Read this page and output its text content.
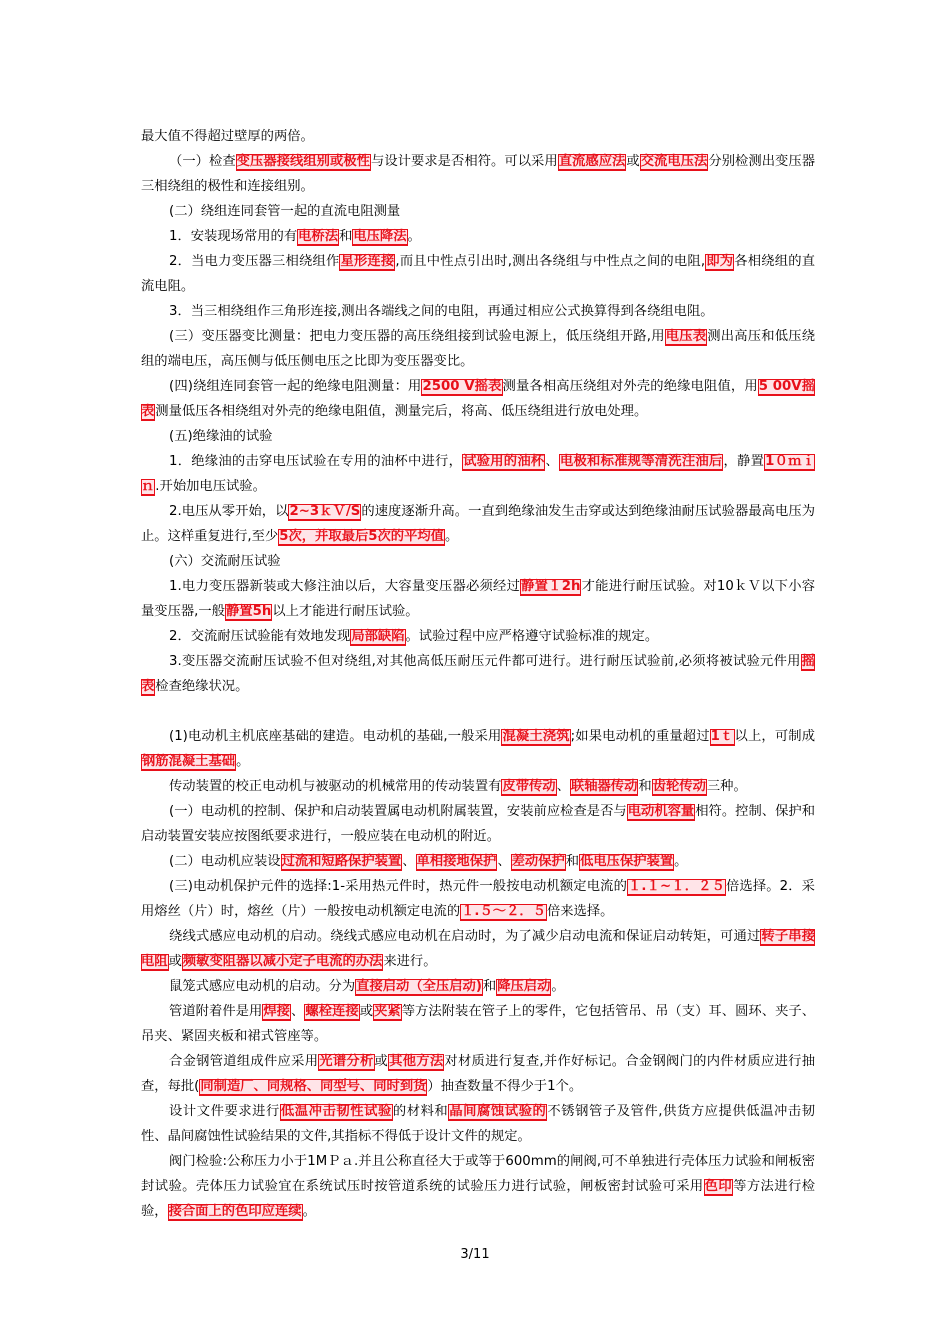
最大值不得超过壁厚的两倍。

（一）检查变压器接线组别或极性与设计要求是否相符。可以采用直流感应法或交流电压法分别检测出变压器三相绕组的极性和连接组别。

(二）绕组连同套管一起的直流电阻测量

1．安装现场常用的有电桥法和电压降法。

2．当电力变压器三相绕组作星形连接,而且中性点引出时,测出各绕组与中性点之间的电阻,即为各相绕组的直流电阻。

3．当三相绕组作三角形连接,测出各端线之间的电阻，再通过相应公式换算得到各绕组电阻。

(三）变压器变比测量：把电力变压器的高压绕组接到试验电源上，低压绕组开路,用电压表测出高压和低压绕组的端电压，高压侧与低压侧电压之比即为变压器变比。

(四)绕组连同套管一起的绝缘电阻测量：用2500 V摇表测量各相高压绕组对外壳的绝缘电阻值，用5 00V摇表测量低压各相绕组对外壳的绝缘电阻值，测量完后，将高、低压绕组进行放电处理。

(五)绝缘油的试验

1．绝缘油的击穿电压试验在专用的油杯中进行，试验用的油杯、电极和标准规等清洗注油后，静置1０ｍｉｎ.开始加电压试验。

2.电压从零开始，以2~3ｋＶ/S的速度逐渐升高。一直到绝缘油发生击穿或达到绝缘油耐压试验器最高电压为止。这样重复进行,至少5次，并取最后5次的平均值。

(六）交流耐压试验

1.电力变压器新装或大修注油以后，大容量变压器必须经过静置１2h才能进行耐压试验。对10ｋＶ以下小容量变压器,一般静置5h以上才能进行耐压试验。

2．交流耐压试验能有效地发现局部缺陷。试验过程中应严格遵守试验标准的规定。

3.变压器交流耐压试验不但对绕组,对其他高低压耐压元件都可进行。进行耐压试验前,必须将被试验元件用摇表检查绝缘状况。

(1)电动机主机底座基础的建造。电动机的基础,一般采用混凝土浇筑;如果电动机的重量超过1ｔ以上，可制成钢筋混凝土基础。

传动装置的校正电动机与被驱动的机械常用的传动装置有皮带传动、联轴器传动和齿轮传动三种。

(一）电动机的控制、保护和启动装置属电动机附属装置，安装前应检查是否与电动机容量相符。控制、保护和启动装置安装应按图纸要求进行，一般应装在电动机的附近。

(二）电动机应装设过流和短路保护装置、单相接地保护、差动保护和低电压保护装置。

(三)电动机保护元件的选择:1-采用热元件时，热元件一般按电动机额定电流的１.１~１．２５倍选择。2．采用熔丝（片）时，熔丝（片）一般按电动机额定电流的１.５～２．５倍来选择。

绕线式感应电动机的启动。绕线式感应电动机在启动时，为了减少启动电流和保证启动转矩，可通过转子串接电阻或频敏变阻器以减小定子电流的办法来进行。

鼠笼式感应电动机的启动。分为直接启动（全压启动)和降压启动。

管道附着件是用焊接、螺栓连接或夹紧等方法附装在管子上的零件，它包括管吊、吊（支）耳、圆环、夹子、吊夹、紧固夹板和裙式管座等。

合金钢管道组成件应采用光谱分析或其他方法对材质进行复查,并作好标记。合金钢阀门的内件材质应进行抽查，每批(同制造厂、同规格、同型号、同时到货）抽查数量不得少于1个。

设计文件要求进行低温冲击韧性试验的材料和晶间腐蚀试验的不锈钢管子及管件,供货方应提供低温冲击韧性、晶间腐蚀性试验结果的文件,其指标不得低于设计文件的规定。

阀门检验:公称压力小于1MＰａ.并且公称直径大于或等于600mm的闸阀,可不单独进行壳体压力试验和闸板密封试验。壳体压力试验宜在系统试压时按管道系统的试验压力进行试验，闸板密封试验可采用色印等方法进行检验，接合面上的色印应连续。

3/11
